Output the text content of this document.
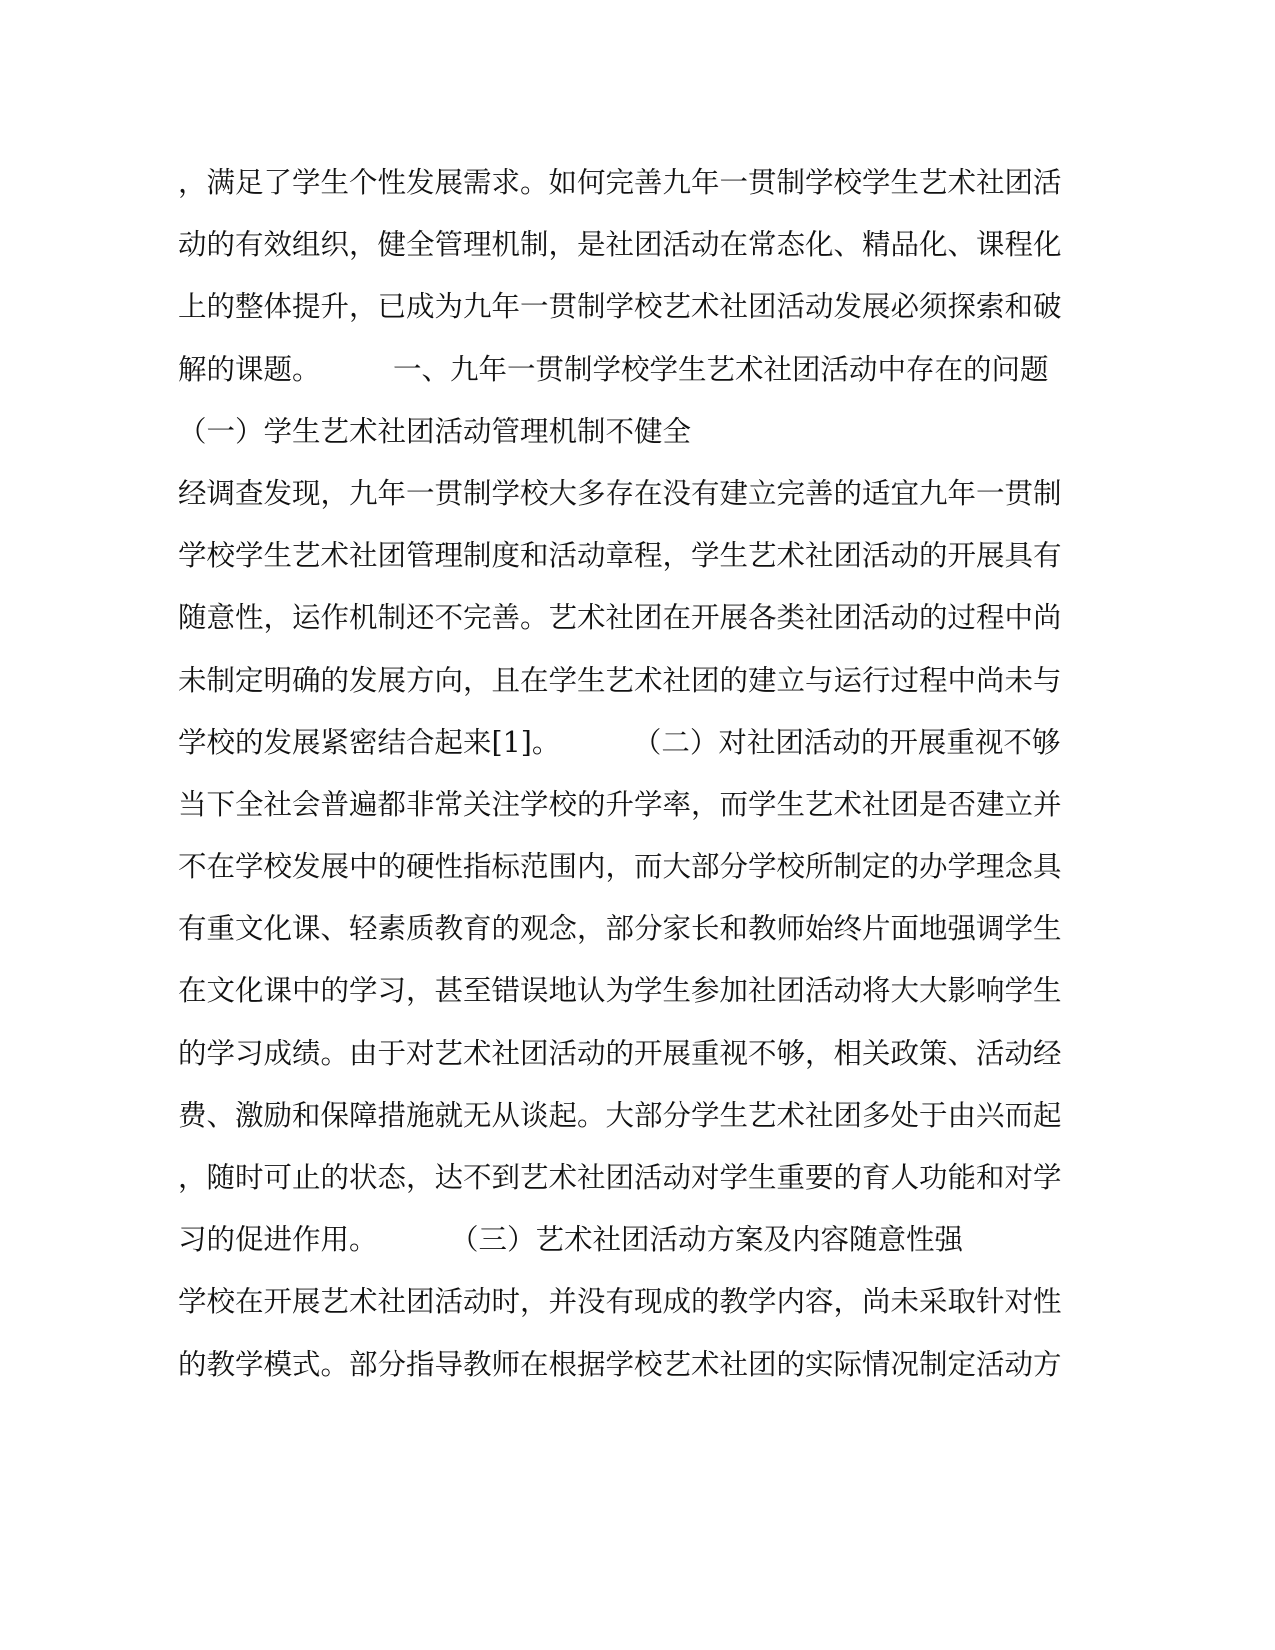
，满足了学生个性发展需求。如何完善九年一贯制学校学生艺术社团活
动的有效组织，健全管理机制，是社团活动在常态化、精品化、课程化
上的整体提升，已成为九年一贯制学校艺术社团活动发展必须探索和破
解的课题。        一、九年一贯制学校学生艺术社团活动中存在的问题
（一）学生艺术社团活动管理机制不健全
经调查发现，九年一贯制学校大多存在没有建立完善的适宜九年一贯制
学校学生艺术社团管理制度和活动章程，学生艺术社团活动的开展具有
随意性，运作机制还不完善。艺术社团在开展各类社团活动的过程中尚
未制定明确的发展方向，且在学生艺术社团的建立与运行过程中尚未与
学校的发展紧密结合起来[1]。        （二）对社团活动的开展重视不够
当下全社会普遍都非常关注学校的升学率，而学生艺术社团是否建立并
不在学校发展中的硬性指标范围内，而大部分学校所制定的办学理念具
有重文化课、轻素质教育的观念，部分家长和教师始终片面地强调学生
在文化课中的学习，甚至错误地认为学生参加社团活动将大大影响学生
的学习成绩。由于对艺术社团活动的开展重视不够，相关政策、活动经
费、激励和保障措施就无从谈起。大部分学生艺术社团多处于由兴而起
，随时可止的状态，达不到艺术社团活动对学生重要的育人功能和对学
习的促进作用。        （三）艺术社团活动方案及内容随意性强
学校在开展艺术社团活动时，并没有现成的教学内容，尚未采取针对性
的教学模式。部分指导教师在根据学校艺术社团的实际情况制定活动方
